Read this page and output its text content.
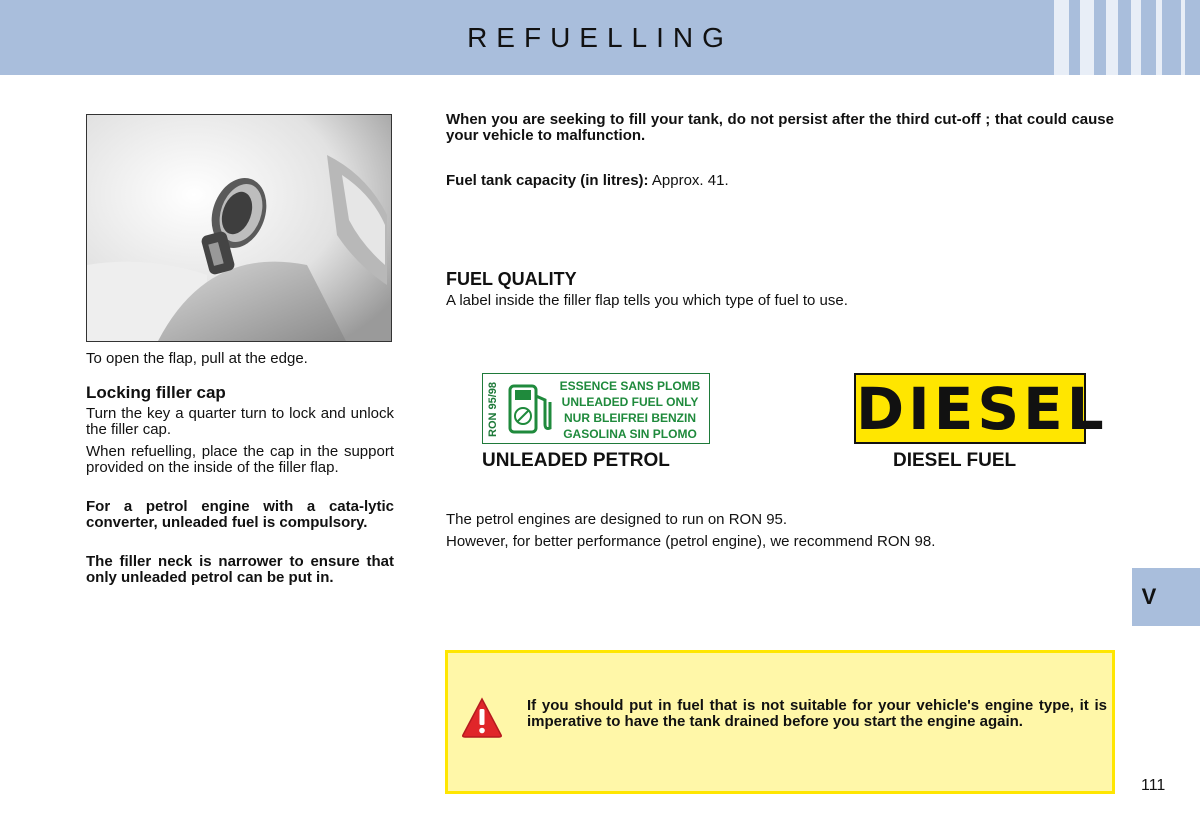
REFUELLING
To open the flap, pull at the edge.
Locking filler cap
Turn the key a quarter turn to lock and unlock the filler cap.
When refuelling, place the cap in the support provided on the inside of the filler flap.
For a petrol engine with a cata-lytic converter, unleaded fuel is compulsory.
The filler neck is narrower to ensure that only unleaded petrol can be put in.
When you are seeking to fill your tank, do not persist after the third cut-off ; that could cause your vehicle to malfunction.
Fuel tank capacity (in litres): Approx. 41.
FUEL QUALITY
A label inside the filler flap tells you which type of fuel to use.
RON 95/98	ESSENCE SANS PLOMB
UNLEADED FUEL ONLY
NUR BLEIFREI BENZIN
GASOLINA SIN PLOMO	DIESEL
UNLEADED PETROL	DIESEL FUEL
The petrol engines are designed to run on RON 95.
However, for better performance (petrol engine), we recommend RON 98.
V
If you should put in fuel that is not suitable for your vehicle's engine type, it is imperative to have the tank drained before you start the engine again.
111
